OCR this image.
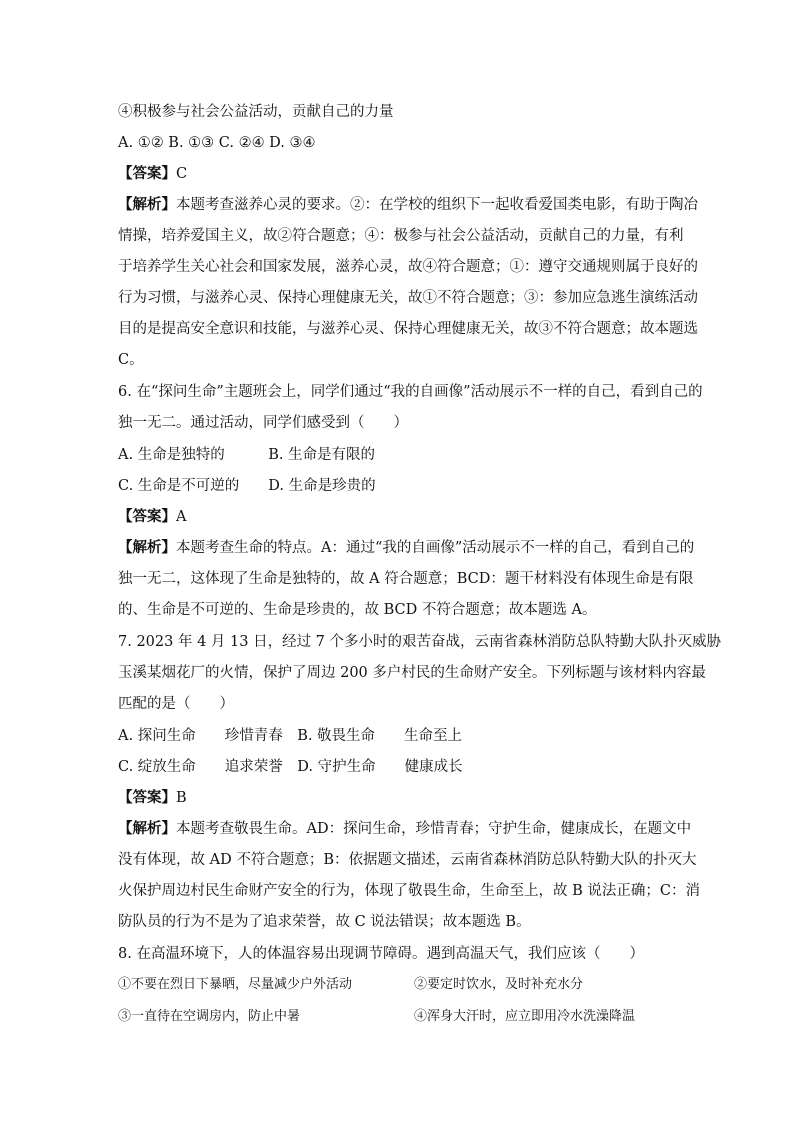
④积极参与社会公益活动，贡献自己的力量
A. ①② B. ①③ C. ②④ D. ③④
【答案】C
【解析】本题考查滋养心灵的要求。②：在学校的组织下一起收看爱国类电影，有助于陶冶
情操，培养爱国主义，故②符合题意；④：极参与社会公益活动，贡献自己的力量，有利
于培养学生关心社会和国家发展，滋养心灵，故④符合题意；①：遵守交通规则属于良好的
行为习惯，与滋养心灵、保持心理健康无关，故①不符合题意；③：参加应急逃生演练活动
目的是提高安全意识和技能，与滋养心灵、保持心理健康无关，故③不符合题意；故本题选
C。
6. 在“探问生命”主题班会上，同学们通过“我的自画像”活动展示不一样的自己，看到自己的
独一无二。通过活动，同学们感受到（　　）
A. 生命是独特的　　　B. 生命是有限的
C. 生命是不可逆的　　D. 生命是珍贵的
【答案】A
【解析】本题考查生命的特点。A：通过“我的自画像”活动展示不一样的自己，看到自己的
独一无二，这体现了生命是独特的，故 A 符合题意；BCD：题干材料没有体现生命是有限
的、生命是不可逆的、生命是珍贵的，故 BCD 不符合题意；故本题选 A。
7. 2023 年 4 月 13 日，经过 7 个多小时的艰苦奋战，云南省森林消防总队特勤大队扑灭威胁
玉溪某烟花厂的火情，保护了周边 200 多户村民的生命财产安全。下列标题与该材料内容最
匹配的是（　　）
A. 探问生命　　珍惜青春　B. 敬畏生命　　生命至上
C. 绽放生命　　追求荣誉　D. 守护生命　　健康成长
【答案】B
【解析】本题考查敬畏生命。AD：探问生命，珍惜青春；守护生命，健康成长，在题文中
没有体现，故 AD 不符合题意；B：依据题文描述，云南省森林消防总队特勤大队的扑灭大
火保护周边村民生命财产安全的行为，体现了敬畏生命，生命至上，故 B 说法正确；C：消
防队员的行为不是为了追求荣誉，故 C 说法错误；故本题选 B。
8. 在高温环境下，人的体温容易出现调节障碍。遇到高温天气，我们应该（　　）
①不要在烈日下暴晒，尽量减少户外活动	②要定时饮水，及时补充水分
③一直待在空调房内，防止中暑	④浑身大汗时，应立即用冷水洗澡降温
